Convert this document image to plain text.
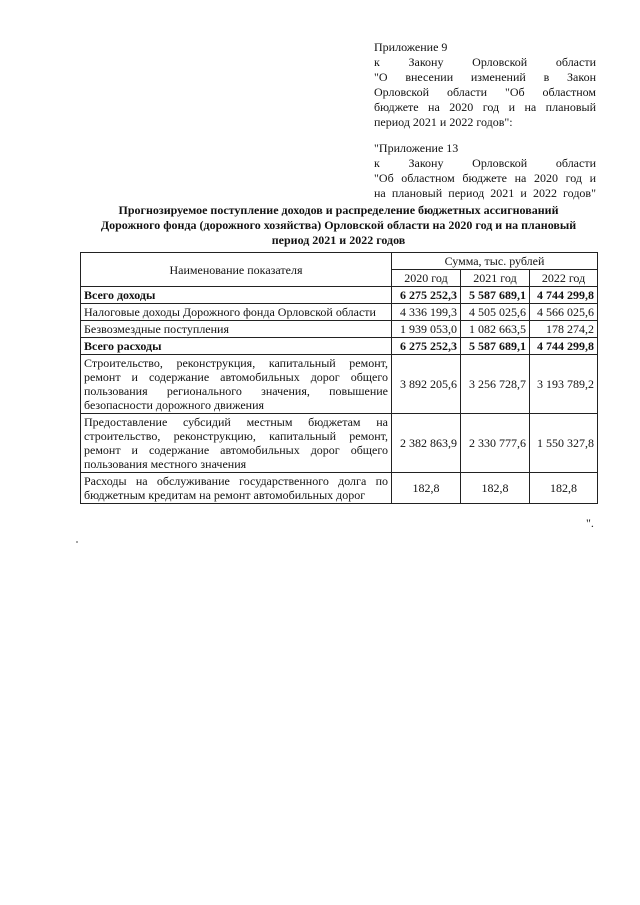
Приложение 9
к Закону Орловской области
"О внесении изменений в Закон
Орловской области "Об областном
бюджете на 2020 год и на плановый
период 2021 и 2022 годов":
"Приложение 13
к Закону Орловской области
"Об областном бюджете на 2020 год и
на плановый период 2021 и 2022 годов"
Прогнозируемое поступление доходов и распределение бюджетных ассигнований
Дорожного фонда (дорожного хозяйства) Орловской области на 2020 год и на плановый
период 2021 и 2022 годов
Наименование показателя	Сумма, тыс. рублей		
	2020 год	2021 год	2022 год
Всего доходы	6 275 252,3	5 587 689,1	4 744 299,8
Налоговые доходы Дорожного фонда Орловской области	4 336 199,3	4 505 025,6	4 566 025,6
Безвозмездные поступления	1 939 053,0	1 082 663,5	178 274,2
Всего расходы	6 275 252,3	5 587 689,1	4 744 299,8
Строительство, реконструкция, капитальный ремонт, ремонт и содержание автомобильных дорог общего пользования регионального значения, повышение безопасности дорожного движения	3 892 205,6	3 256 728,7	3 193 789,2
Предоставление субсидий местным бюджетам на строительство, реконструкцию, капитальный ремонт, ремонт и содержание автомобильных дорог общего пользования местного значения	2 382 863,9	2 330 777,6	1 550 327,8
Расходы на обслуживание государственного долга по бюджетным кредитам на ремонт автомобильных дорог	182,8	182,8	182,8
".
